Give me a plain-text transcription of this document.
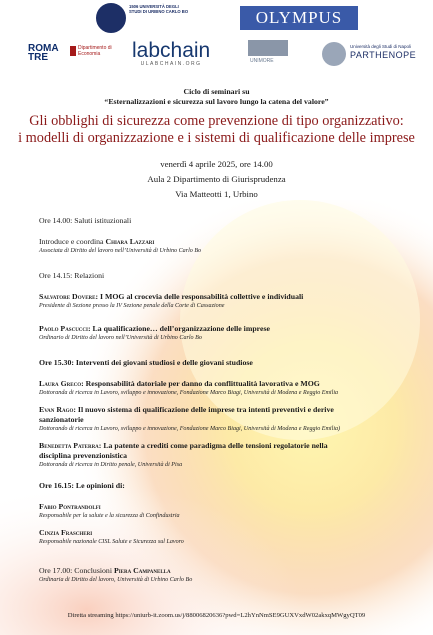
1506 UNIVERSITÀ DEGLI STUDI DI URBINO CARLO BO	OLYMPUS
ROMA
TRE
Dipartimento di Economia	labchain
ULABCHAIN.ORG	UNIMORE
Università degli Studi di Napoli
PARTHENOPE
Ciclo di seminari su
“Esternalizzazioni e sicurezza sul lavoro lungo la catena del valore”
Gli obblighi di sicurezza come prevenzione di tipo organizzativo:
i modelli di organizzazione e i sistemi di qualificazione delle imprese
venerdì 4 aprile 2025, ore 14.00
Aula 2 Dipartimento di Giurisprudenza
Via Matteotti 1, Urbino
Ore 14.00: Saluti istituzionali
Introduce e coordina Chiara Lazzari
Associata di Diritto del lavoro nell’Università di Urbino Carlo Bo
Ore 14.15: Relazioni
Salvatore Dovere: I MOG al crocevia delle responsabilità collettive e individuali
Presidente di Sezione presso la IV Sezione penale della Corte di Cassazione
Paolo Pascucci: La qualificazione… dell’organizzazione delle imprese
Ordinario di Diritto del lavoro nell’Università di Urbino Carlo Bo
Ore 15.30: Interventi dei giovani studiosi e delle giovani studiose
Laura Greco: Responsabilità datoriale per danno da conflittualità lavorativa e MOG
Dottoranda di ricerca in Lavoro, sviluppo e innovazione, Fondazione Marco Biagi, Università di Modena e Reggio Emilia
Evan Rago: Il nuovo sistema di qualificazione delle imprese tra intenti preventivi e derive
sanzionatorie
Dottorando di ricerca in Lavoro, sviluppo e innovazione, Fondazione Marco Biagi, Università di Modena e Reggio Emilia)
Benedetta Paterra: La patente a crediti come paradigma delle tensioni regolatorie nella
disciplina prevenzionistica
Dottoranda di ricerca in Diritto penale, Università di Pisa
Ore 16.15: Le opinioni di:
Fabio Pontrandolfi
Responsabile per la salute e la sicurezza di Confindustria
Cinzia Frascheri
Responsabile nazionale CISL Salute e Sicurezza sul Lavoro
Ore 17.00: Conclusioni Piera Campanella
Ordinaria di Diritto del lavoro, Università di Urbino Carlo Bo
Diretta streaming https://uniurb-it.zoom.us/j/88006820636?pwd=L2hYnNmSE9GUXVxdW02akxqMWgyQT09
